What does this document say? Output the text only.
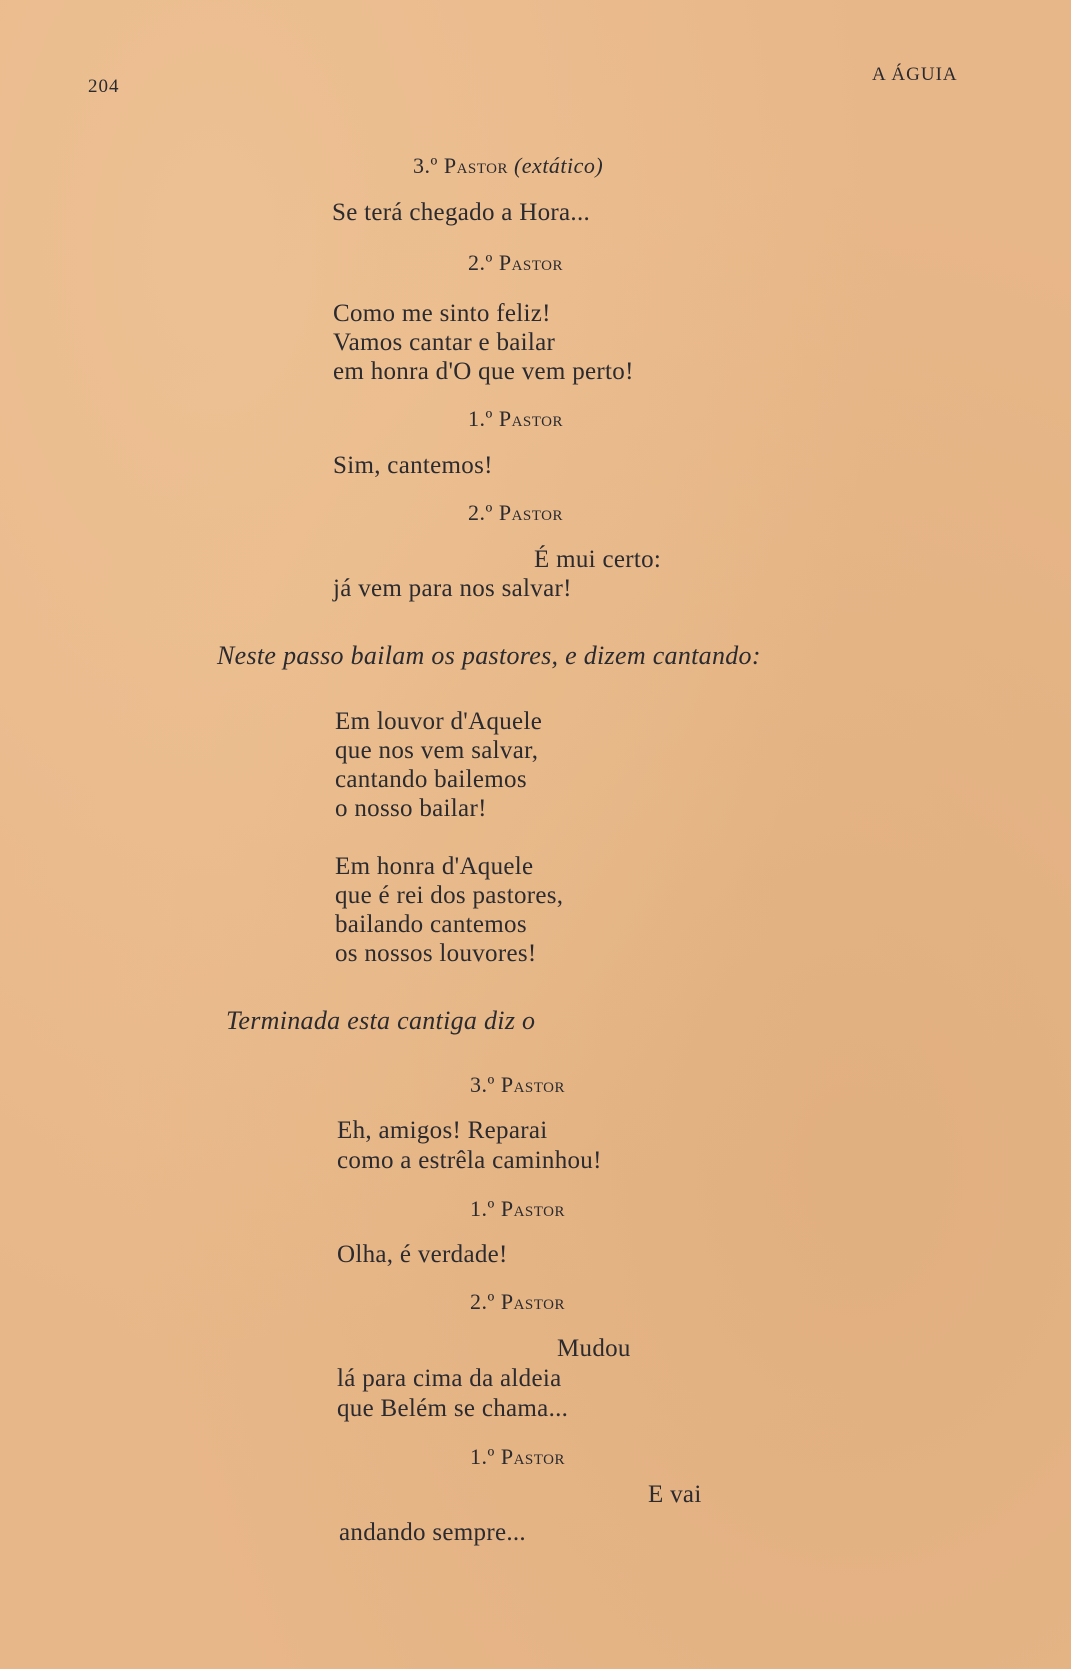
204
A ÁGUIA
3.º Pastor (extático)
Se terá chegado a Hora...
2.º Pastor
Como me sinto feliz!
Vamos cantar e bailar
em honra d'O que vem perto!
1.º Pastor
Sim, cantemos!
2.º Pastor
É mui certo:
já vem para nos salvar!
Neste passo bailam os pastores, e dizem cantando:
Em louvor d'Aquele
que nos vem salvar,
cantando bailemos
o nosso bailar!
Em honra d'Aquele
que é rei dos pastores,
bailando cantemos
os nossos louvores!
Terminada esta cantiga diz o
3.º Pastor
Eh, amigos! Reparai
como a estrêla caminhou!
1.º Pastor
Olha, é verdade!
2.º Pastor
Mudou
lá para cima da aldeia
que Belém se chama...
1.º Pastor
E vai
andando sempre...
